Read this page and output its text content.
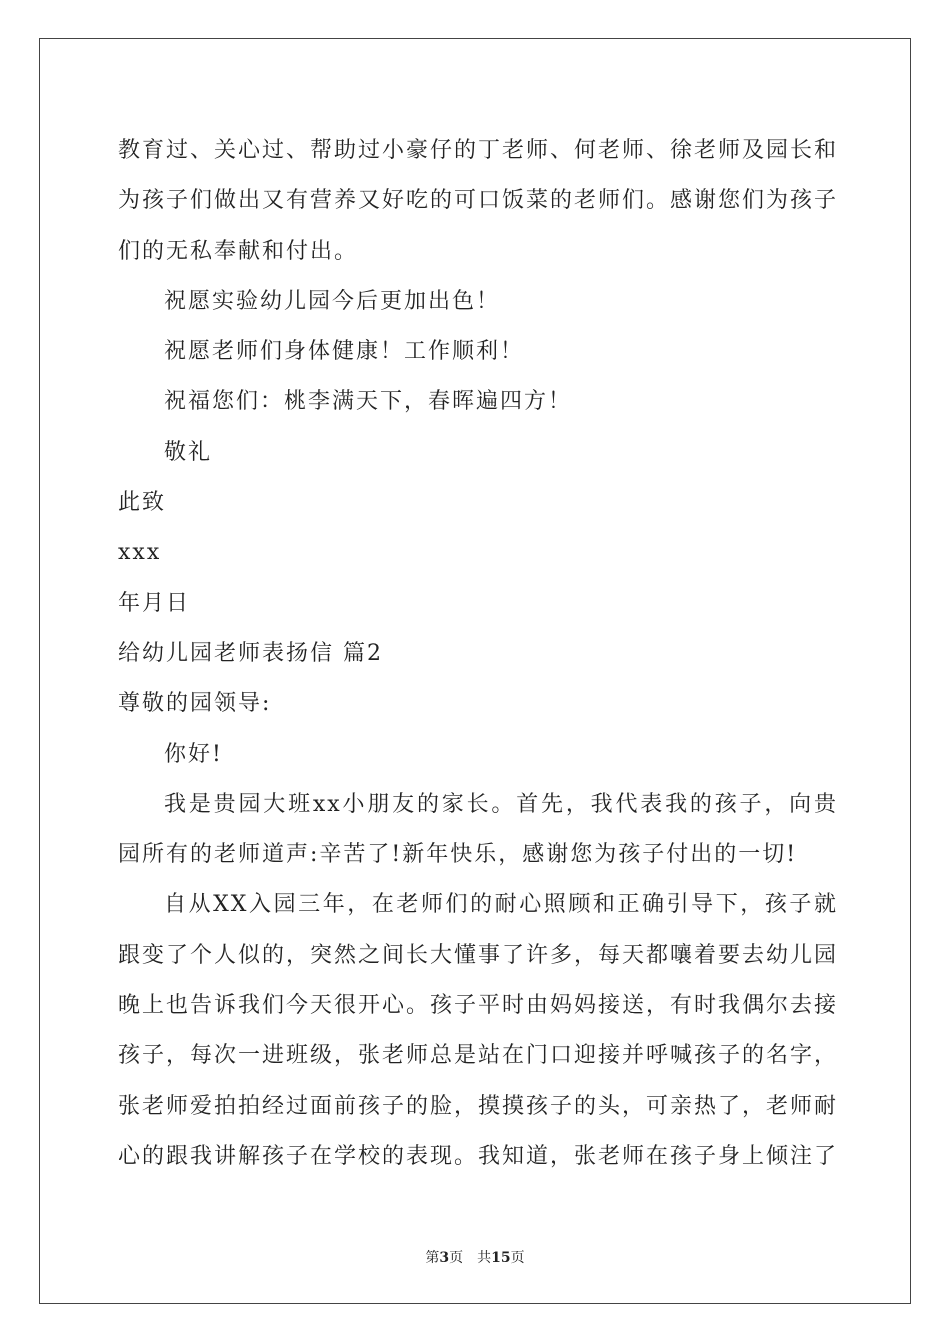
教育过、关心过、帮助过小豪仔的丁老师、何老师、徐老师及园长和
为孩子们做出又有营养又好吃的可口饭菜的老师们。感谢您们为孩子
们的无私奉献和付出。
祝愿实验幼儿园今后更加出色！
祝愿老师们身体健康！工作顺利！
祝福您们：桃李满天下，春晖遍四方！
敬礼
此致
xxx
年月日
给幼儿园老师表扬信 篇2
尊敬的园领导:
你好!
我是贵园大班xx小朋友的家长。首先，我代表我的孩子，向贵
园所有的老师道声:辛苦了!新年快乐，感谢您为孩子付出的一切!
自从XX入园三年，在老师们的耐心照顾和正确引导下，孩子就
跟变了个人似的，突然之间长大懂事了许多，每天都嚷着要去幼儿园
晚上也告诉我们今天很开心。孩子平时由妈妈接送，有时我偶尔去接
孩子，每次一进班级，张老师总是站在门口迎接并呼喊孩子的名字，
张老师爱拍拍经过面前孩子的脸，摸摸孩子的头，可亲热了，老师耐
心的跟我讲解孩子在学校的表现。我知道，张老师在孩子身上倾注了
第3页　共15页
